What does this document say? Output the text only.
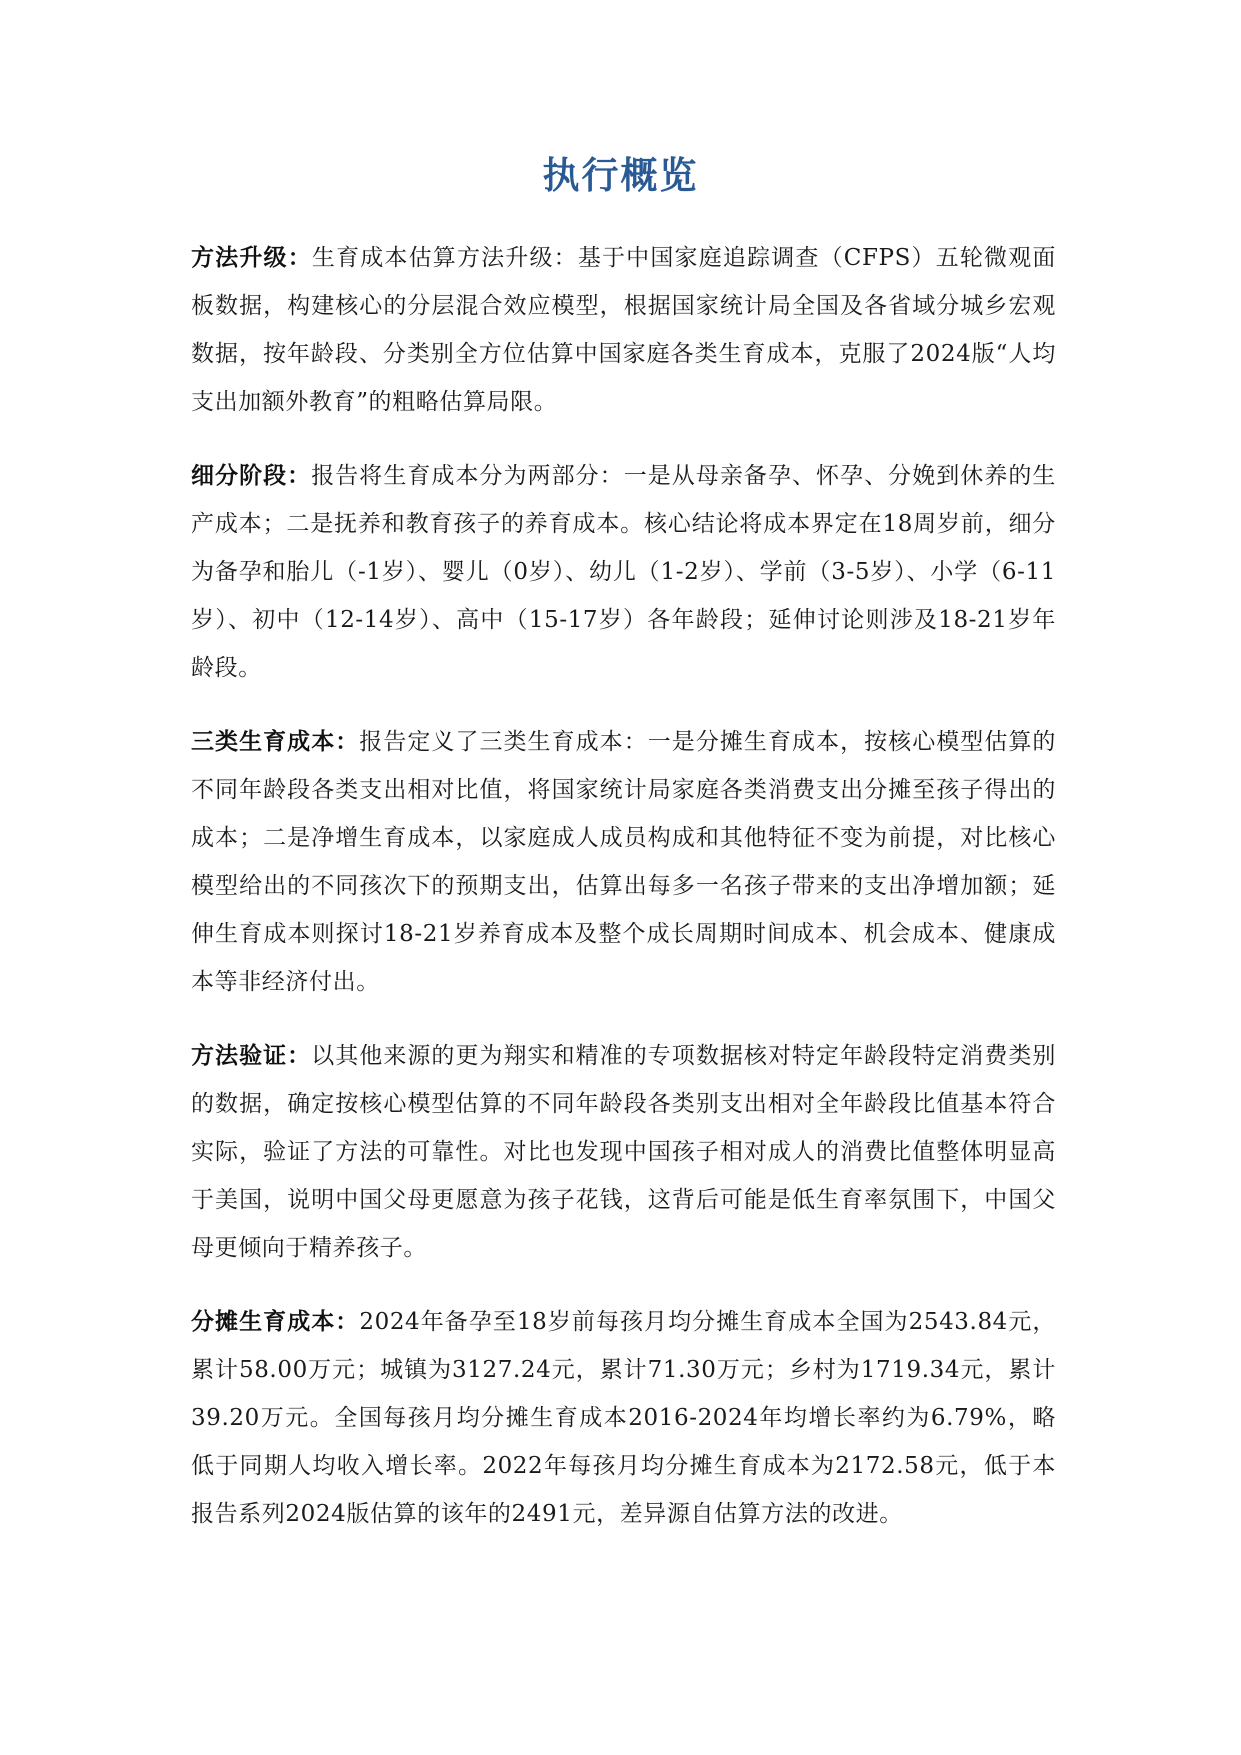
执行概览

方法升级：生育成本估算方法升级：基于中国家庭追踪调查（CFPS）五轮微观面板数据，构建核心的分层混合效应模型，根据国家统计局全国及各省域分城乡宏观数据，按年龄段、分类别全方位估算中国家庭各类生育成本，克服了2024版“人均支出加额外教育”的粗略估算局限。

细分阶段：报告将生育成本分为两部分：一是从母亲备孕、怀孕、分娩到休养的生产成本；二是抚养和教育孩子的养育成本。核心结论将成本界定在18周岁前，细分为备孕和胎儿（-1岁）、婴儿（0岁）、幼儿（1-2岁）、学前（3-5岁）、小学（6-11岁）、初中（12-14岁）、高中（15-17岁）各年龄段；延伸讨论则涉及18-21岁年龄段。

三类生育成本：报告定义了三类生育成本：一是分摊生育成本，按核心模型估算的不同年龄段各类支出相对比值，将国家统计局家庭各类消费支出分摊至孩子得出的成本；二是净增生育成本，以家庭成人成员构成和其他特征不变为前提，对比核心模型给出的不同孩次下的预期支出，估算出每多一名孩子带来的支出净增加额；延伸生育成本则探讨18-21岁养育成本及整个成长周期时间成本、机会成本、健康成本等非经济付出。

方法验证：以其他来源的更为翔实和精准的专项数据核对特定年龄段特定消费类别的数据，确定按核心模型估算的不同年龄段各类别支出相对全年龄段比值基本符合实际，验证了方法的可靠性。对比也发现中国孩子相对成人的消费比值整体明显高于美国，说明中国父母更愿意为孩子花钱，这背后可能是低生育率氛围下，中国父母更倾向于精养孩子。

分摊生育成本：2024年备孕至18岁前每孩月均分摊生育成本全国为2543.84元，累计58.00万元；城镇为3127.24元，累计71.30万元；乡村为1719.34元，累计39.20万元。全国每孩月均分摊生育成本2016-2024年均增长率约为6.79%，略低于同期人均收入增长率。2022年每孩月均分摊生育成本为2172.58元，低于本报告系列2024版估算的该年的2491元，差异源自估算方法的改进。
